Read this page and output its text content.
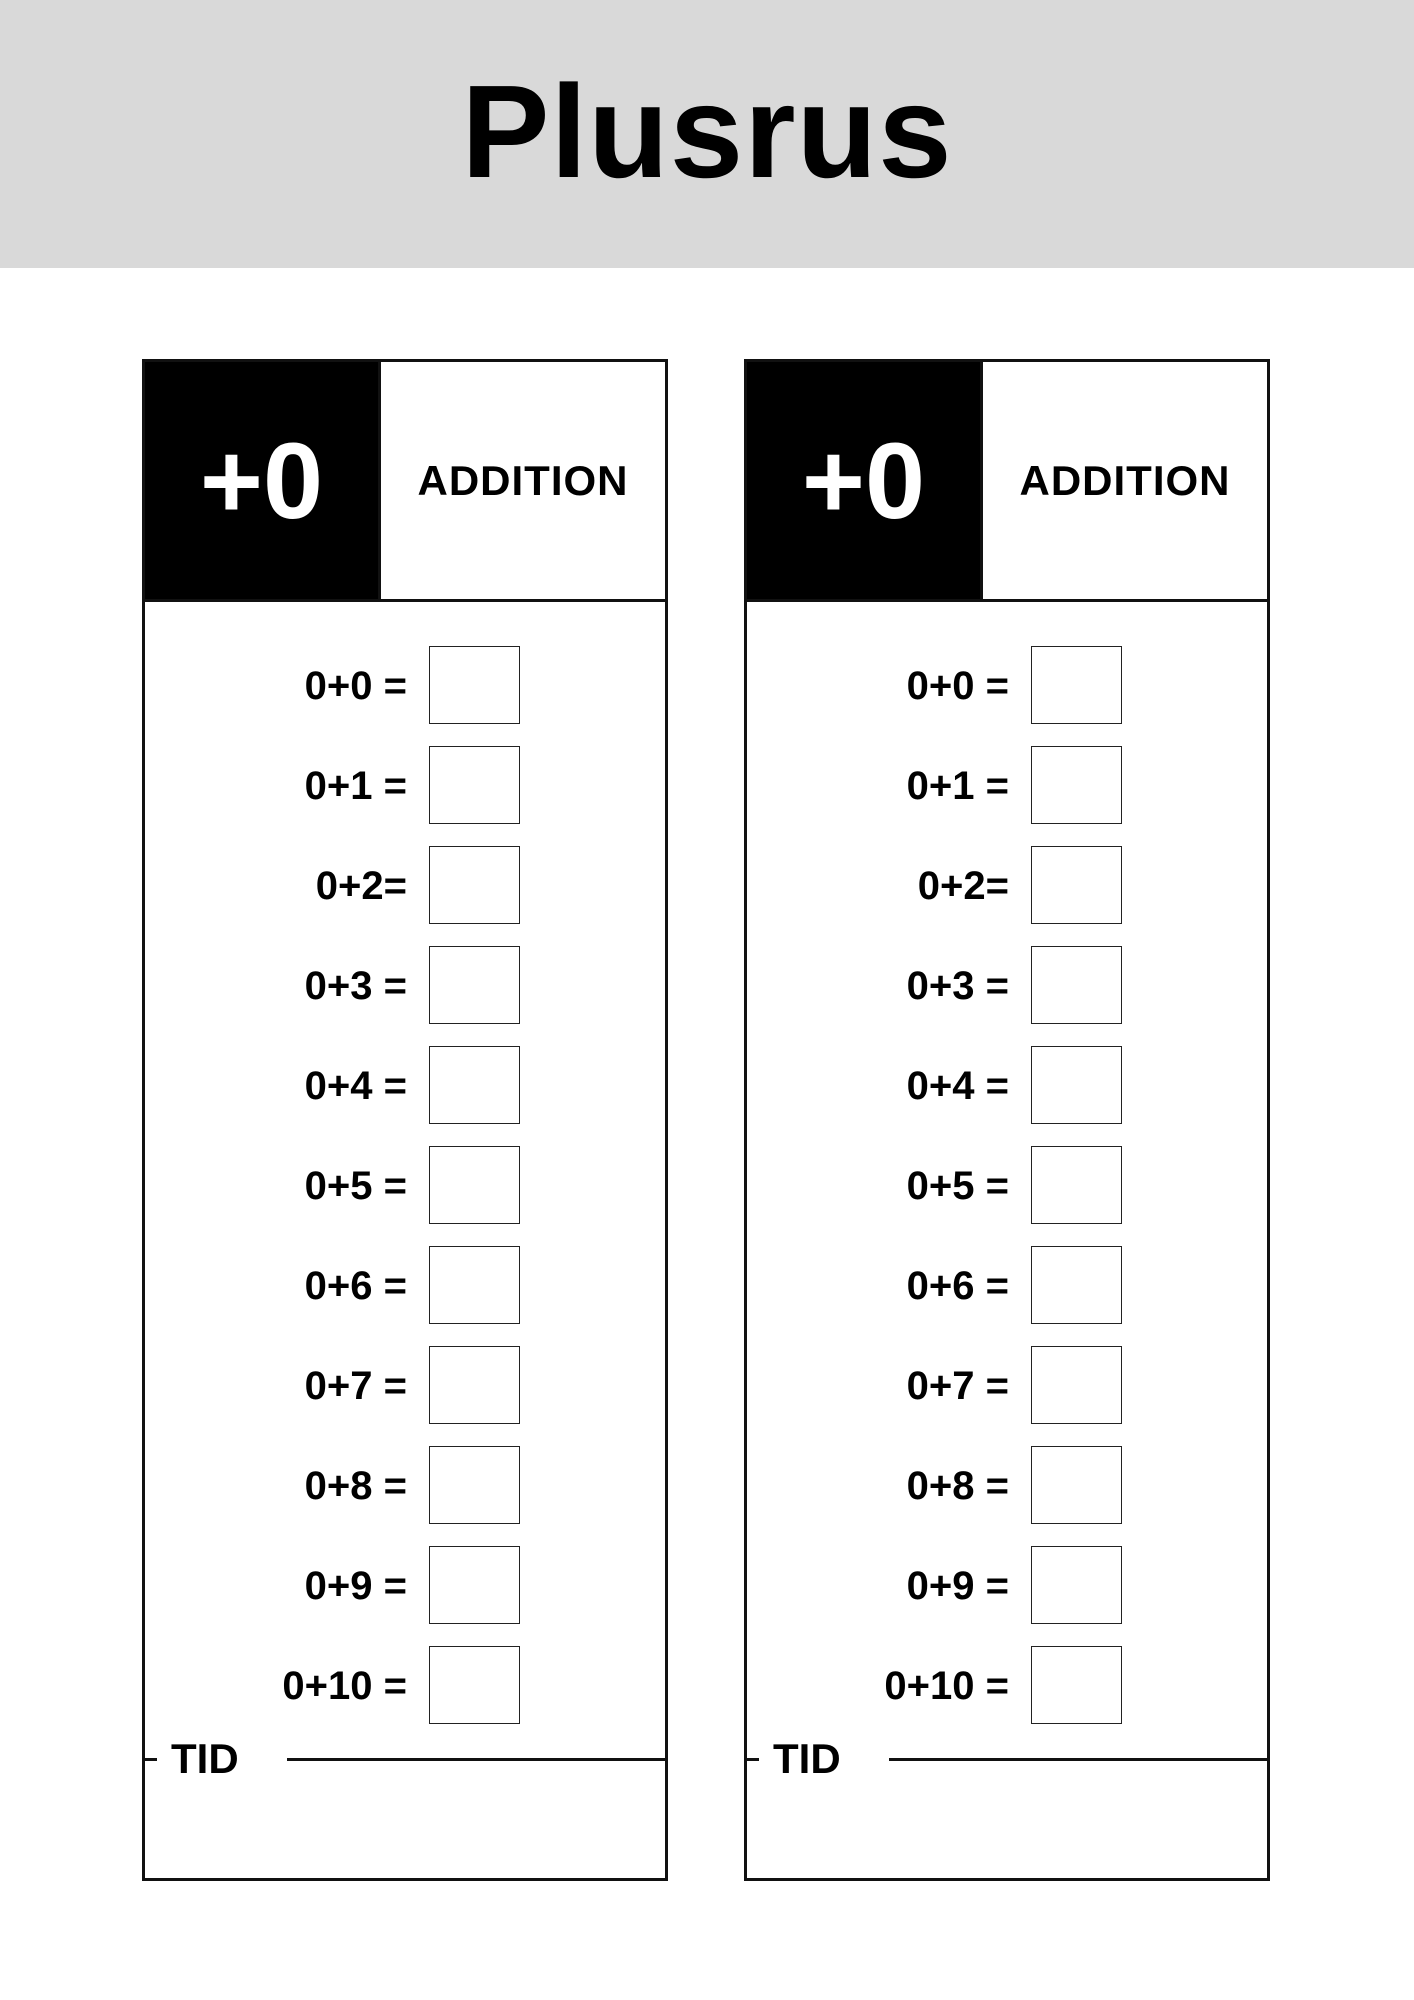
Plusrus
+0	ADDITION
0+0 =
0+1 =
0+2=
0+3 =
0+4 =
0+5 =
0+6 =
0+7 =
0+8 =
0+9 =
0+10 =
TID
+0	ADDITION
0+0 =
0+1 =
0+2=
0+3 =
0+4 =
0+5 =
0+6 =
0+7 =
0+8 =
0+9 =
0+10 =
TID
